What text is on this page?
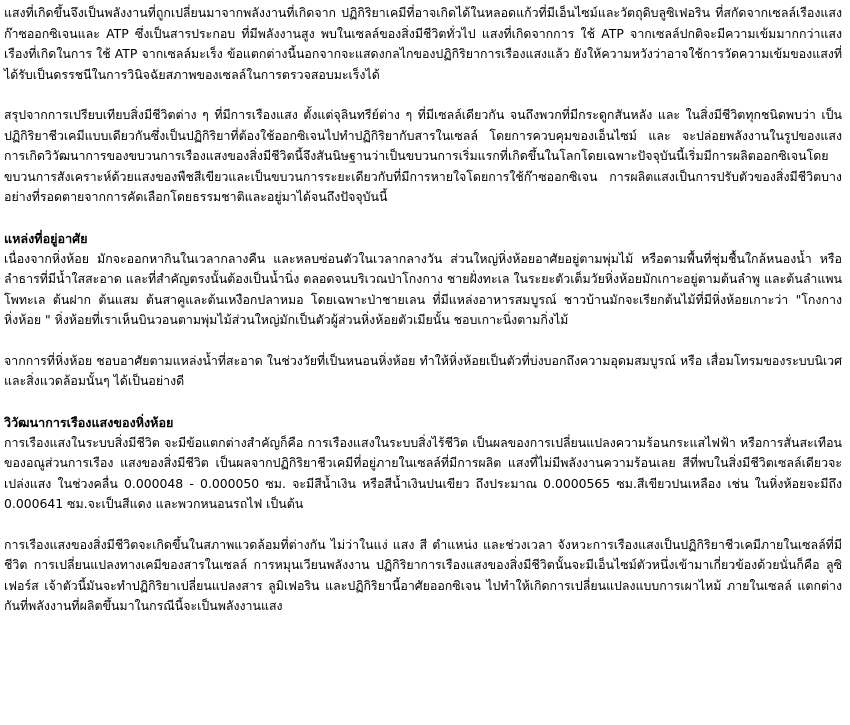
แสงที่เกิดขึ้นจึงเป็นพลังงานที่ถูกเปลี่ยนมาจากพลังงานที่เกิดจาก ปฏิกิริยาเคมีที่อาจเกิดได้ในหลอดแก้วที่มีเอ็นไซม์และวัตถุดิบลูซิเฟอริน ที่สกัดจากเซลล์เรืองแสง ก๊าซออกซิเจนและ ATP ซึ่งเป็นสารประกอบ ที่มีพลังงานสูง พบในเซลล์ของสิ่งมีชีวิตทั่วไป แสงที่เกิดจากการ ใช้ ATP จากเซลล์ปกติจะมีความเข้มมากกว่าแสงเรืองที่เกิดในการ ใช้ ATP จากเซลล์มะเร็ง ข้อแตกต่างนี้นอกจากจะแสดงกลไกของปฏิกิริยาการเรืองแสงแล้ว ยังให้ความหวังว่าอาจใช้การวัดความเข้มของแสงที่ได้รับเป็นดรรชนีในการวินิจฉัยสภาพของเซลล์ในการตรวจสอบมะเร็งได้

สรุปจากการเปรียบเทียบสิ่งมีชีวิตต่าง ๆ ที่มีการเรืองแสง ตั้งแต่จุลินทรีย์ต่าง ๆ ที่มีเซลล์เดียวกัน จนถึงพวกที่มีกระดูกสันหลัง และ ในสิ่งมีชีวิตทุกชนิดพบว่า เป็นปฏิกิริยาชีวเคมีแบบเดียวกันซึ่งเป็นปฏิกิริยาที่ต้องใช้ออกซิเจนไปทำปฏิกิริยากับสารในเซลล์ โดยการควบคุมของเอ็นไซม์ และ จะปล่อยพลังงานในรูปของแสง การเกิดวิวัฒนาการของขบวนการเรืองแสงของสิ่งมีชีวิตนี้จึงสันนิษฐานว่าเป็นขบวนการเริ่มแรกที่เกิดขึ้นในโลกโดยเฉพาะปัจจุบันนี้เริ่มมีการผลิตออกซิเจนโดยขบวนการสังเคราะห์ด้วยแสงของพืชสีเขียวและเป็นขบวนการระยะเดียวกับที่มีการหายใจโดยการใช้ก๊าซออกซิเจน การผลิตแสงเป็นการปรับตัวของสิ่งมีชีวิตบางอย่างที่รอดตายจากการคัดเลือกโดยธรรมชาติและอยู่มาได้จนถึงปัจจุบันนี้

แหล่งที่อยู่อาศัย

เนื่องจากหิ่งห้อย มักจะออกหากินในเวลากลางคืน และหลบซ่อนตัวในเวลากลางวัน ส่วนใหญ่หิ่งห้อยอาศัยอยู่ตามพุ่มไม้ หรือตามพื้นที่ชุ่มชื้นใกล้หนองน้ำ หรือลำธารที่มีน้ำใสสะอาด และที่สำคัญตรงนั้นต้องเป็นน้ำนิ่ง ตลอดจนบริเวณป่าโกงกาง ชายฝั่งทะเล ในระยะตัวเต็มวัยหิ่งห้อยมักเกาะอยู่ตามต้นลำพู และต้นลำแพนโพทะเล ต้นฝาก ต้นแสม ต้นสาคูและต้นเหงือกปลาหมอ โดยเฉพาะป่าชายเลน ที่มีแหล่งอาหารสมบูรณ์ ชาวบ้านมักจะเรียกต้นไม้ที่มีหิ่งห้อยเกาะว่า "โกงกางหิ่งห้อย " หิ่งห้อยที่เราเห็นบินวอนตามพุ่มไม้ส่วนใหญ่มักเป็นตัวผู้ส่วนหิ่งห้อยตัวเมียนั้น ชอบเกาะนิ่งตามกิ่งไม้

จากการที่หิ่งห้อย ชอบอาศัยตามแหล่งน้ำที่สะอาด ในช่วงวัยที่เป็นหนอนหิ่งห้อย ทำให้หิ่งห้อยเป็นตัวที่บ่งบอกถึงความอุดมสมบูรณ์ หรือ เสื่อมโทรมของระบบนิเวศและสิ่งแวดล้อมนั้นๆ ได้เป็นอย่างดี

วิวัฒนาการเรืองแสงของหิ่งห้อย

การเรืองแสงในระบบสิ่งมีชีวิต จะมีข้อแตกต่างสำคัญก็คือ การเรืองแสงในระบบสิ่งไร้ชีวิต เป็นผลของการเปลี่ยนแปลงความร้อนกระแสไฟฟ้า หรือการสั่นสะเทือนของอณูส่วนการเรือง แสงของสิ่งมีชีวิต เป็นผลจากปฏิกิริยาชีวเคมีที่อยู่ภายในเซลล์ที่มีการผลิต แสงที่ไม่มีพลังงานความร้อนเลย สีที่พบในสิ่งมีชีวิตเซลล์เดียวจะเปล่งแสง ในช่วงคลื่น 0.000048 - 0.000050 ซม. จะมีสีน้ำเงิน หรือสีน้ำเงินปนเขียว ถึงประมาณ 0.0000565 ซม.สีเขียวปนเหลือง เช่น ในหิ่งห้อยจะมีถึง 0.000641 ซม.จะเป็นสีแดง และพวกหนอนรถไฟ เป็นต้น

การเรืองแสงของสิ่งมีชีวิตจะเกิดขึ้นในสภาพแวดล้อมที่ต่างกัน ไม่ว่าในแง่ แสง สี ตำแหน่ง และช่วงเวลา จังหวะการเรืองแสงเป็นปฏิกิริยาชีวเคมีภายในเซลล์ที่มีชีวิต การเปลี่ยนแปลงทางเคมีของสารในเซลล์ การหมุนเวียนพลังงาน ปฏิกิริยาการเรืองแสงของสิ่งมีชีวิตนั้นจะมีเอ็นไซม์ตัวหนึ่งเข้ามาเกี่ยวข้องด้วยนั่นก็คือ ลูซิเฟอร์ส เจ้าตัวนี้มันจะทำปฏิกิริยาเปลี่ยนแปลงสาร ลูมิเฟอริน และปฏิกิริยานี้อาศัยออกซิเจน ไปทำให้เกิดการเปลี่ยนแปลงแบบการเผาไหม้ ภายในเซลล์ แตกต่างกันที่พลังงานที่ผลิตขึ้นมาในกรณีนี้จะเป็นพลังงานแสง
